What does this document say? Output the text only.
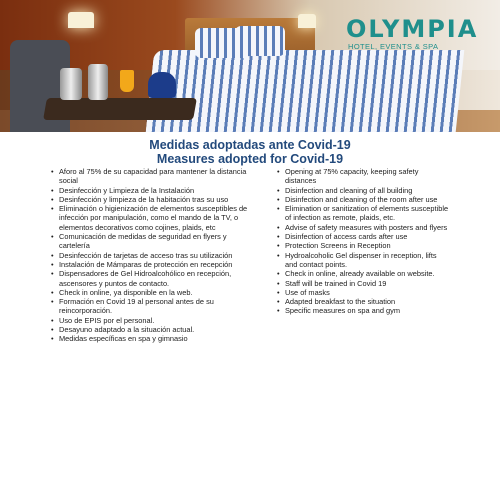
OLYMPIA
HOTEL, EVENTS & SPA
Medidas adoptadas ante Covid-19
Measures adopted for Covid-19
• Aforo al 75% de su capacidad para mantener la distancia social
• Desinfección y Limpieza de la Instalación
• Desinfección y limpieza de la habitación tras su uso
• Eliminación o higienización de elementos susceptibles de infección por manipulación, como el mando de la TV, o elementos decorativos como cojines, plaids, etc
• Comunicación de medidas de seguridad en flyers y cartelería
• Desinfección de tarjetas de acceso tras su utilización
• Instalación de Mámparas de protección en recepción
• Dispensadores de Gel Hidroalcohólico en recepción, ascensores y puntos de contacto.
• Check in online, ya disponible en la web.
• Formación en Covid 19 al personal antes de su reincorporación.
• Uso de EPIS por el personal.
• Desayuno adaptado a la situación actual.
• Medidas específicas en spa y gimnasio
• Opening at 75% capacity, keeping safety distances
• Disinfection and cleaning of all building
• Disinfection and cleaning of the room after use
• Elimination or sanitization of elements susceptible of infection as remote, plaids, etc.
• Advise of safety measures with posters and flyers
• Disinfection of access cards after use
• Protection Screens in Reception
• Hydroalcoholic Gel dispenser in reception, lifts and contact points.
• Check in online, already available on website.
• Staff will be trained in Covid 19
• Use of masks
• Adapted breakfast to the situation
• Specific measures on spa and gym
